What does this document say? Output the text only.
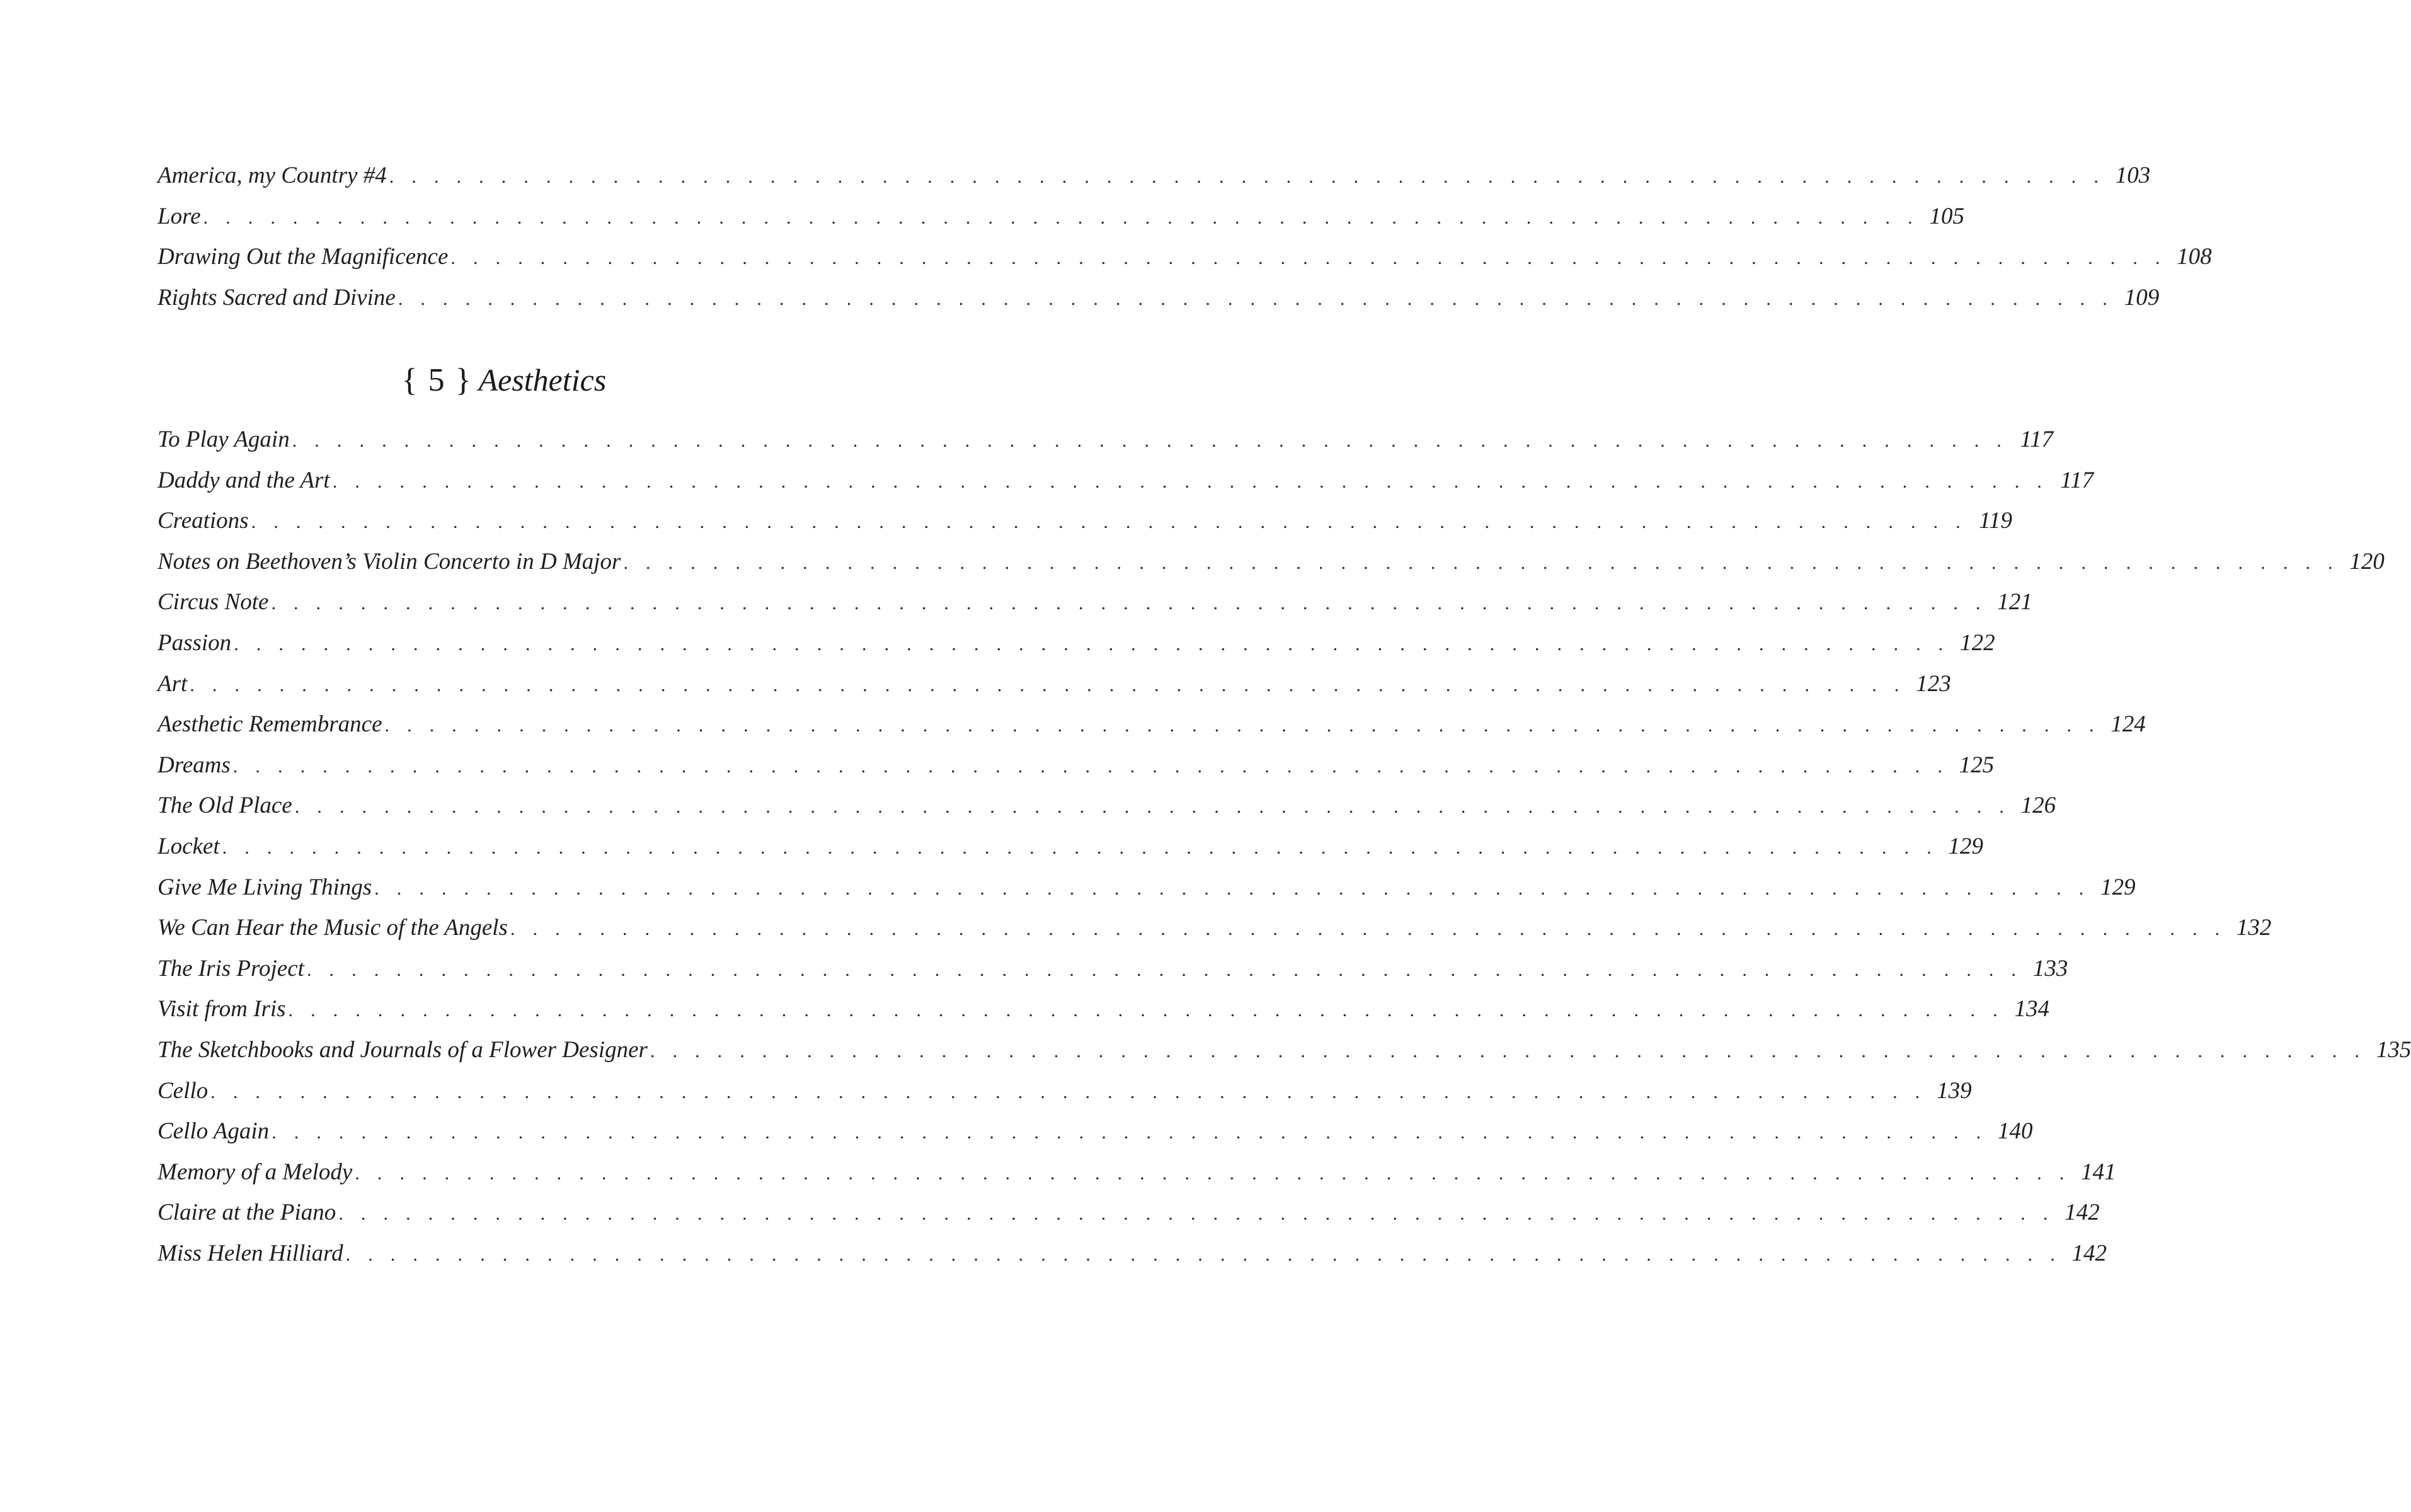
America, my Country #4 . . . . . . . . . . . . . . . . . . . . . . . . . . . . . . . . . . . . . . . . . . . . . . . . . . . . . . . . . . . . . . . . . . . . . . . . . . . . . 103
Lore . . . . . . . . . . . . . . . . . . . . . . . . . . . . . . . . . . . . . . . . . . . . . . . . . . . . . . . . . . . . . . . . . . . . . . . . . . . . . 105
Drawing Out the Magnificence . . . . . . . . . . . . . . . . . . . . . . . . . . . . . . . . . . . . . . . . . . . . . . . . . . . . . . . . . . . . . . . . . . . . . . . . . . . . . 108
Rights Sacred and Divine . . . . . . . . . . . . . . . . . . . . . . . . . . . . . . . . . . . . . . . . . . . . . . . . . . . . . . . . . . . . . . . . . . . . . . . . . . . . . 109
{ 5 } Aesthetics
To Play Again . . . . . . . . . . . . . . . . . . . . . . . . . . . . . . . . . . . . . . . . . . . . . . . . . . . . . . . . . . . . . . . . . . . . . . . . . . . . . 117
Daddy and the Art . . . . . . . . . . . . . . . . . . . . . . . . . . . . . . . . . . . . . . . . . . . . . . . . . . . . . . . . . . . . . . . . . . . . . . . . . . . . . 117
Creations . . . . . . . . . . . . . . . . . . . . . . . . . . . . . . . . . . . . . . . . . . . . . . . . . . . . . . . . . . . . . . . . . . . . . . . . . . . . . 119
Notes on Beethoven’s Violin Concerto in D Major . . . . . . . . . . . . . . . . . . . . . . . . . . . . . . . . . . . . . . . . . . . . . . . . . . . . . . . . . . . . . . . . . . . . . . . . . . . . . 120
Circus Note . . . . . . . . . . . . . . . . . . . . . . . . . . . . . . . . . . . . . . . . . . . . . . . . . . . . . . . . . . . . . . . . . . . . . . . . . . . . . 121
Passion . . . . . . . . . . . . . . . . . . . . . . . . . . . . . . . . . . . . . . . . . . . . . . . . . . . . . . . . . . . . . . . . . . . . . . . . . . . . . 122
Art . . . . . . . . . . . . . . . . . . . . . . . . . . . . . . . . . . . . . . . . . . . . . . . . . . . . . . . . . . . . . . . . . . . . . . . . . . . . . 123
Aesthetic Remembrance . . . . . . . . . . . . . . . . . . . . . . . . . . . . . . . . . . . . . . . . . . . . . . . . . . . . . . . . . . . . . . . . . . . . . . . . . . . . . 124
Dreams . . . . . . . . . . . . . . . . . . . . . . . . . . . . . . . . . . . . . . . . . . . . . . . . . . . . . . . . . . . . . . . . . . . . . . . . . . . . . 125
The Old Place . . . . . . . . . . . . . . . . . . . . . . . . . . . . . . . . . . . . . . . . . . . . . . . . . . . . . . . . . . . . . . . . . . . . . . . . . . . . . 126
Locket . . . . . . . . . . . . . . . . . . . . . . . . . . . . . . . . . . . . . . . . . . . . . . . . . . . . . . . . . . . . . . . . . . . . . . . . . . . . . 129
Give Me Living Things . . . . . . . . . . . . . . . . . . . . . . . . . . . . . . . . . . . . . . . . . . . . . . . . . . . . . . . . . . . . . . . . . . . . . . . . . . . . . 129
We Can Hear the Music of the Angels . . . . . . . . . . . . . . . . . . . . . . . . . . . . . . . . . . . . . . . . . . . . . . . . . . . . . . . . . . . . . . . . . . . . . . . . . . . . . 132
The Iris Project . . . . . . . . . . . . . . . . . . . . . . . . . . . . . . . . . . . . . . . . . . . . . . . . . . . . . . . . . . . . . . . . . . . . . . . . . . . . . 133
Visit from Iris . . . . . . . . . . . . . . . . . . . . . . . . . . . . . . . . . . . . . . . . . . . . . . . . . . . . . . . . . . . . . . . . . . . . . . . . . . . . . 134
The Sketchbooks and Journals of a Flower Designer . . . . . . . . . . . . . . . . . . . . . . . . . . . . . . . . . . . . . . . . . . . . . . . . . . . . . . . . . . . . . . . . . . . . . . . . . . . . . 135
Cello . . . . . . . . . . . . . . . . . . . . . . . . . . . . . . . . . . . . . . . . . . . . . . . . . . . . . . . . . . . . . . . . . . . . . . . . . . . . . 139
Cello Again . . . . . . . . . . . . . . . . . . . . . . . . . . . . . . . . . . . . . . . . . . . . . . . . . . . . . . . . . . . . . . . . . . . . . . . . . . . . . 140
Memory of a Melody . . . . . . . . . . . . . . . . . . . . . . . . . . . . . . . . . . . . . . . . . . . . . . . . . . . . . . . . . . . . . . . . . . . . . . . . . . . . . 141
Claire at the Piano . . . . . . . . . . . . . . . . . . . . . . . . . . . . . . . . . . . . . . . . . . . . . . . . . . . . . . . . . . . . . . . . . . . . . . . . . . . . . 142
Miss Helen Hilliard . . . . . . . . . . . . . . . . . . . . . . . . . . . . . . . . . . . . . . . . . . . . . . . . . . . . . . . . . . . . . . . . . . . . . . . . . . . . . 142
